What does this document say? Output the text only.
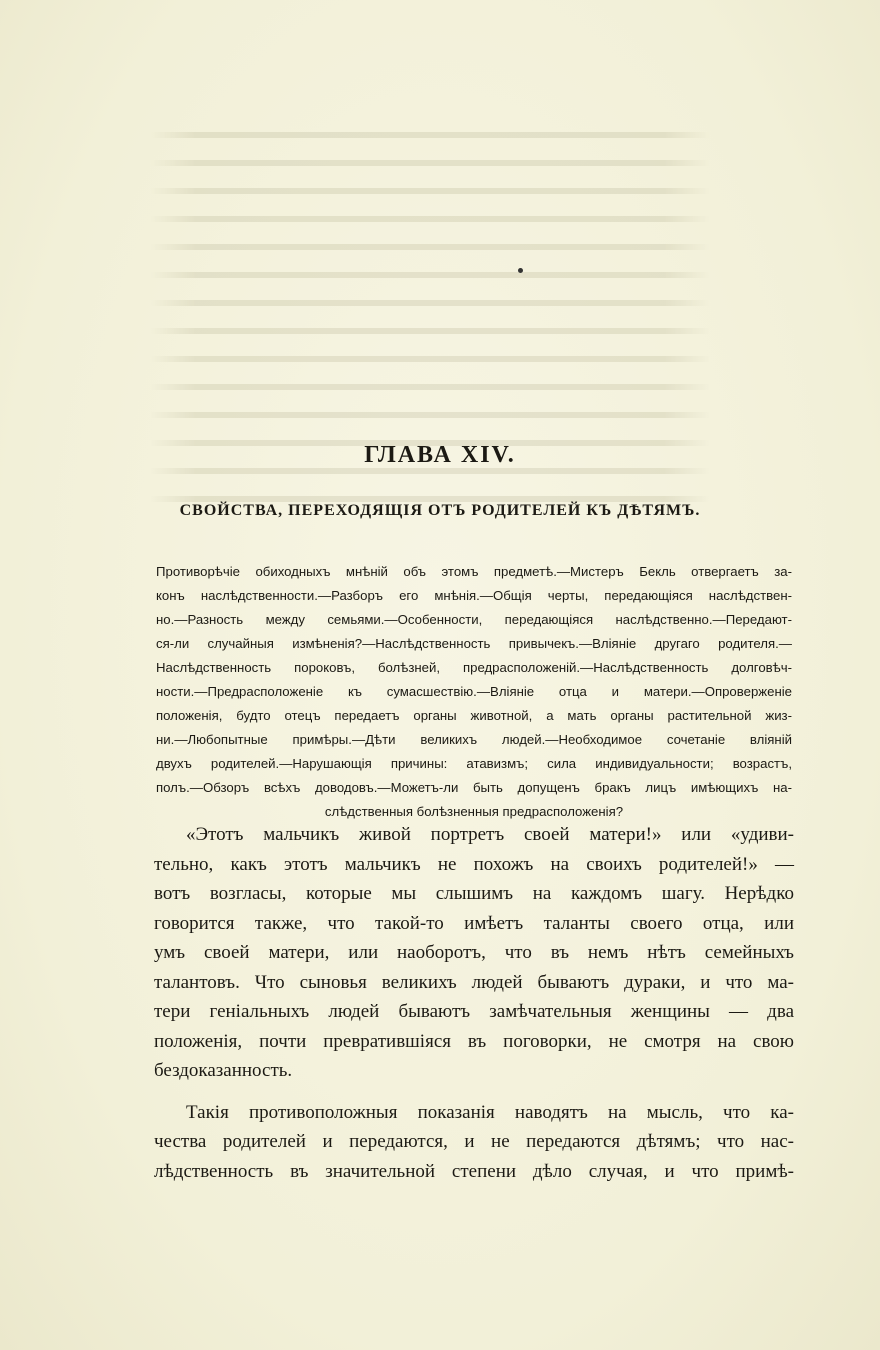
ГЛАВА XIV.
СВОЙСТВА, ПЕРЕХОДЯЩІЯ ОТЪ РОДИТЕЛЕЙ КЪ ДѢТЯМЪ.
Противорѣчіе обиходныхъ мнѣній объ этомъ предметѣ.—Мистеръ Бекль отвергаетъ за-
конъ наслѣдственности.—Разборъ его мнѣнія.—Общія черты, передающіяся наслѣдствен-
но.—Разность между семьями.—Особенности, передающіяся наслѣдственно.—Передают-
ся-ли случайныя измѣненія?—Наслѣдственность привычекъ.—Вліяніе другаго родителя.—
Наслѣдственность пороковъ, болѣзней, предрасположеній.—Наслѣдственность долговѣч-
ности.—Предрасположеніе къ сумасшествію.—Вліяніе отца и матери.—Опроверженіе
положенія, будто отецъ передаетъ органы животной, а мать органы растительной жиз-
ни.—Любопытные примѣры.—Дѣти великихъ людей.—Необходимое сочетаніе вліяній
двухъ родителей.—Нарушающія причины: атавизмъ; сила индивидуальности; возрастъ,
полъ.—Обзоръ всѣхъ доводовъ.—Можетъ-ли быть допущенъ бракъ лицъ имѣющихъ на-
слѣдственныя болѣзненныя предрасположенія?
«Этотъ мальчикъ живой портретъ своей матери!» или «удиви-
тельно, какъ этотъ мальчикъ не похожъ на своихъ родителей!» —
вотъ возгласы, которые мы слышимъ на каждомъ шагу. Нерѣдко
говорится также, что такой-то имѣетъ таланты своего отца, или
умъ своей матери, или наоборотъ, что въ немъ нѣтъ семейныхъ
талантовъ. Что сыновья великихъ людей бываютъ дураки, и что ма-
тери геніальныхъ людей бываютъ замѣчательныя женщины — два
положенія, почти превратившіяся въ поговорки, не смотря на свою
бездоказанность.
Такія противоположныя показанія наводятъ на мысль, что ка-
чества родителей и передаются, и не передаются дѣтямъ; что нас-
лѣдственность въ значительной степени дѣло случая, и что примѣ-
